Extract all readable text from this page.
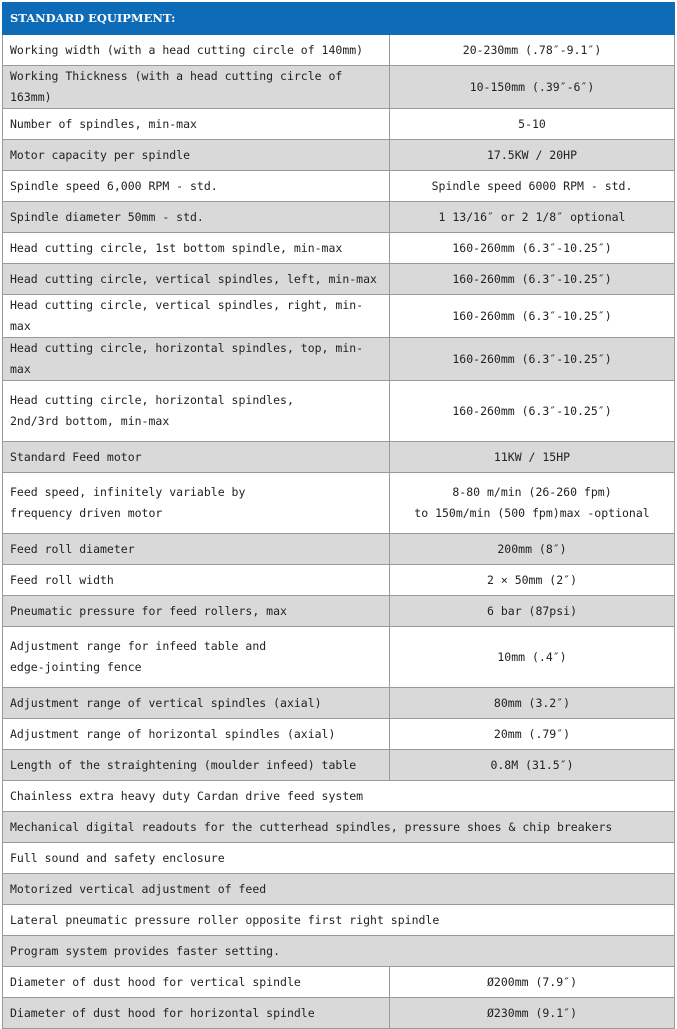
STANDARD EQUIPMENT:	
Working width (with a head cutting circle of 140mm)	20-230mm (.78″-9.1″)
Working Thickness (with a head cutting circle of 163mm)	10-150mm (.39″-6″)
Number of spindles, min-max	5-10
Motor capacity per spindle	17.5KW / 20HP
Spindle speed 6,000 RPM - std.	Spindle speed 6000 RPM - std.
Spindle diameter 50mm - std.	1 13/16″ or 2 1/8″ optional
Head cutting circle, 1st bottom spindle, min-max	160-260mm (6.3″-10.25″)
Head cutting circle, vertical spindles, left, min-max	160-260mm (6.3″-10.25″)
Head cutting circle, vertical spindles, right, min-max	160-260mm (6.3″-10.25″)
Head cutting circle, horizontal spindles, top, min-max	160-260mm (6.3″-10.25″)
Head cutting circle, horizontal spindles,
2nd/3rd bottom, min-max	160-260mm (6.3″-10.25″)
Standard Feed motor	11KW / 15HP
Feed speed, infinitely variable by
frequency driven motor	8-80 m/min (26-260 fpm)
to 150m/min (500 fpm)max -optional
Feed roll diameter	200mm (8″)
Feed roll width	2 × 50mm (2″)
Pneumatic pressure for feed rollers, max	6 bar (87psi)
Adjustment range for infeed table and
edge-jointing fence	10mm (.4″)
Adjustment range of vertical spindles (axial)	80mm (3.2″)
Adjustment range of horizontal spindles (axial)	20mm (.79″)
Length of the straightening (moulder infeed) table	0.8M (31.5″)
Chainless extra heavy duty Cardan drive feed system	
Mechanical digital readouts for the cutterhead spindles, pressure shoes & chip breakers	
Full sound and safety enclosure	
Motorized vertical adjustment of feed	
Lateral pneumatic pressure roller opposite first right spindle	
Program system provides faster setting.	
Diameter of dust hood for vertical spindle	Ø200mm (7.9″)
Diameter of dust hood for horizontal spindle	Ø230mm (9.1″)
